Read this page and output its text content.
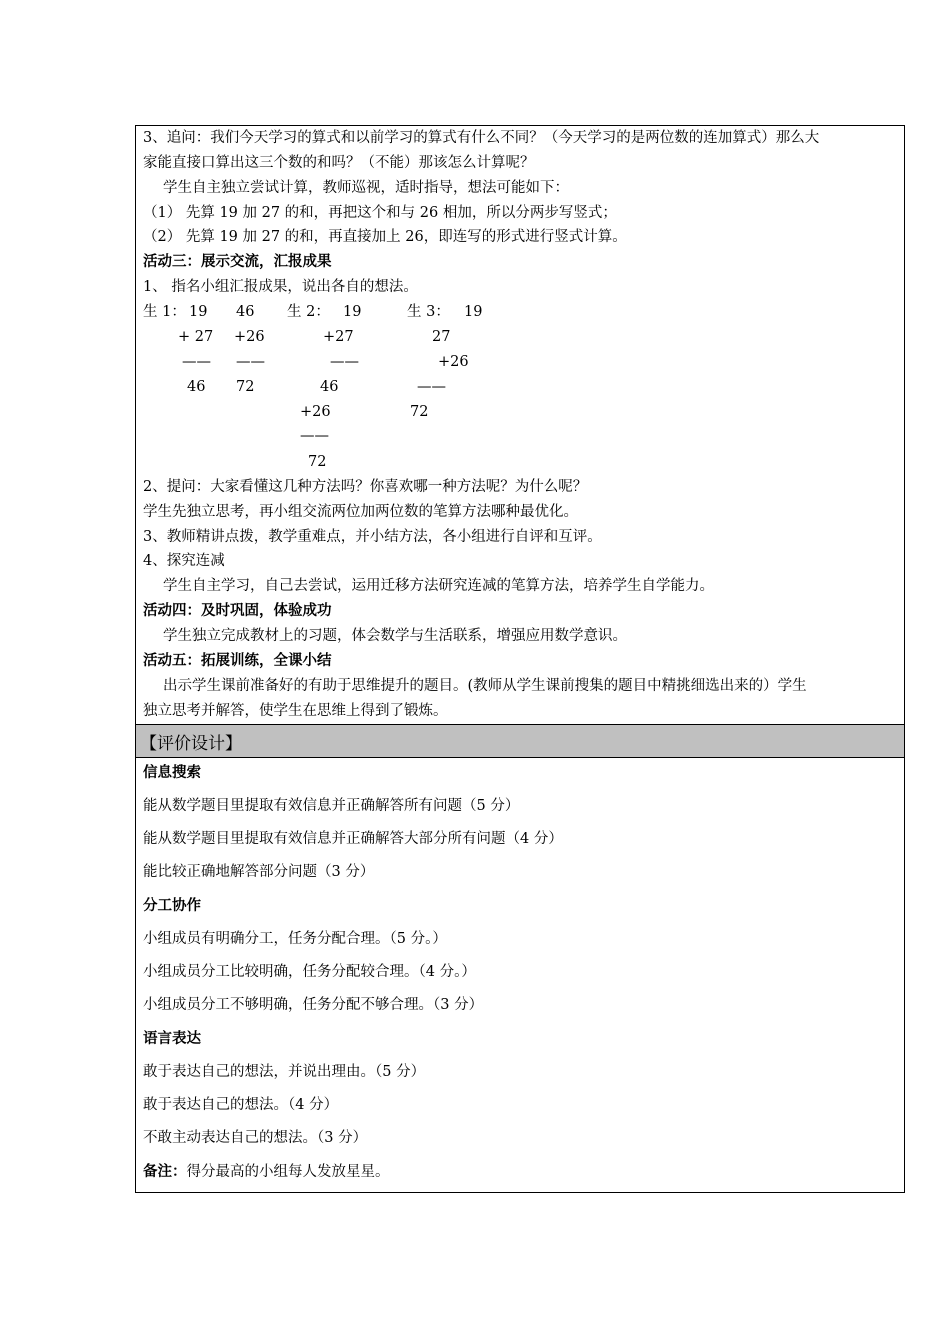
3、追问：我们今天学习的算式和以前学习的算式有什么不同？（今天学习的是两位数的连加算式）那么大
家能直接口算出这三个数的和吗？（不能）那该怎么计算呢？
学生自主独立尝试计算，教师巡视，适时指导，想法可能如下：
（1） 先算 19 加 27 的和，再把这个和与 26 相加，所以分两步写竖式；
（2） 先算 19 加 27 的和，再直接加上 26，即连写的形式进行竖式计算。
活动三：展示交流，汇报成果
1、 指名小组汇报成果，说出各自的想法。
生 1： 19
+ 27
——
46
46
+26
——
72
生 2： 19
+27
——
46
+26
——
72
生 3： 19
27
+26
——
72
2、提问：大家看懂这几种方法吗？你喜欢哪一种方法呢？为什么呢？
学生先独立思考，再小组交流两位加两位数的笔算方法哪种最优化。
3、教师精讲点拨，教学重难点，并小结方法，各小组进行自评和互评。
4、探究连减
学生自主学习，自己去尝试，运用迁移方法研究连减的笔算方法，培养学生自学能力。
活动四：及时巩固，体验成功
学生独立完成教材上的习题，体会数学与生活联系，增强应用数学意识。
活动五：拓展训练，全课小结
出示学生课前准备好的有助于思维提升的题目。(教师从学生课前搜集的题目中精挑细选出来的）学生
独立思考并解答，使学生在思维上得到了锻炼。
【评价设计】
信息搜索
能从数学题目里提取有效信息并正确解答所有问题（5 分）
能从数学题目里提取有效信息并正确解答大部分所有问题（4 分）
能比较正确地解答部分问题（3 分）
分工协作
小组成员有明确分工，任务分配合理。（5 分。）
小组成员分工比较明确，任务分配较合理。（4 分。）
小组成员分工不够明确，任务分配不够合理。（3 分）
语言表达
敢于表达自己的想法，并说出理由。（5 分）
敢于表达自己的想法。（4 分）
不敢主动表达自己的想法。（3 分）
备注：得分最高的小组每人发放星星。
